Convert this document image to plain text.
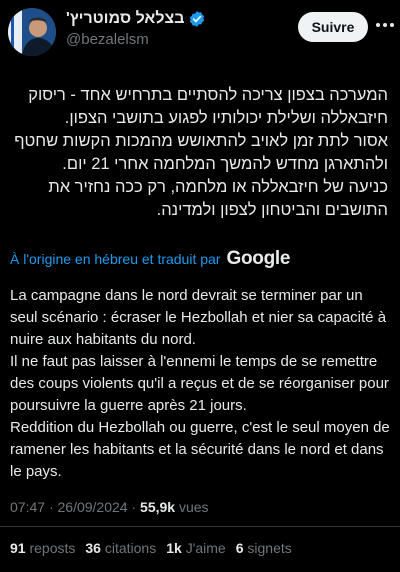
בצלאל סמוטריץ'
@bezalelsm
Suivre

המערכה בצפון צריכה להסתיים בתרחיש אחד - ריסוק חיזבאללה ושלילת יכולותיו לפגוע בתושבי הצפון.

אסור לתת זמן לאויב להתאושש מהמכות הקשות שחטף ולהתארגן מחדש להמשך המלחמה אחרי 21 יום.

כניעה של חיזבאללה או מלחמה, רק ככה נחזיר את התושבים והביטחון לצפון ולמדינה.

À l'origine en hébreu et traduit par Google

La campagne dans le nord devrait se terminer par un seul scénario : écraser le Hezbollah et nier sa capacité à nuire aux habitants du nord.

Il ne faut pas laisser à l'ennemi le temps de se remettre des coups violents qu'il a reçus et de se réorganiser pour poursuivre la guerre après 21 jours.

Reddition du Hezbollah ou guerre, c'est le seul moyen de ramener les habitants et la sécurité dans le nord et dans le pays.

07:47 · 26/09/2024 · 55,9k vues
91 reposts 36 citations 1k J'aime 6 signets
